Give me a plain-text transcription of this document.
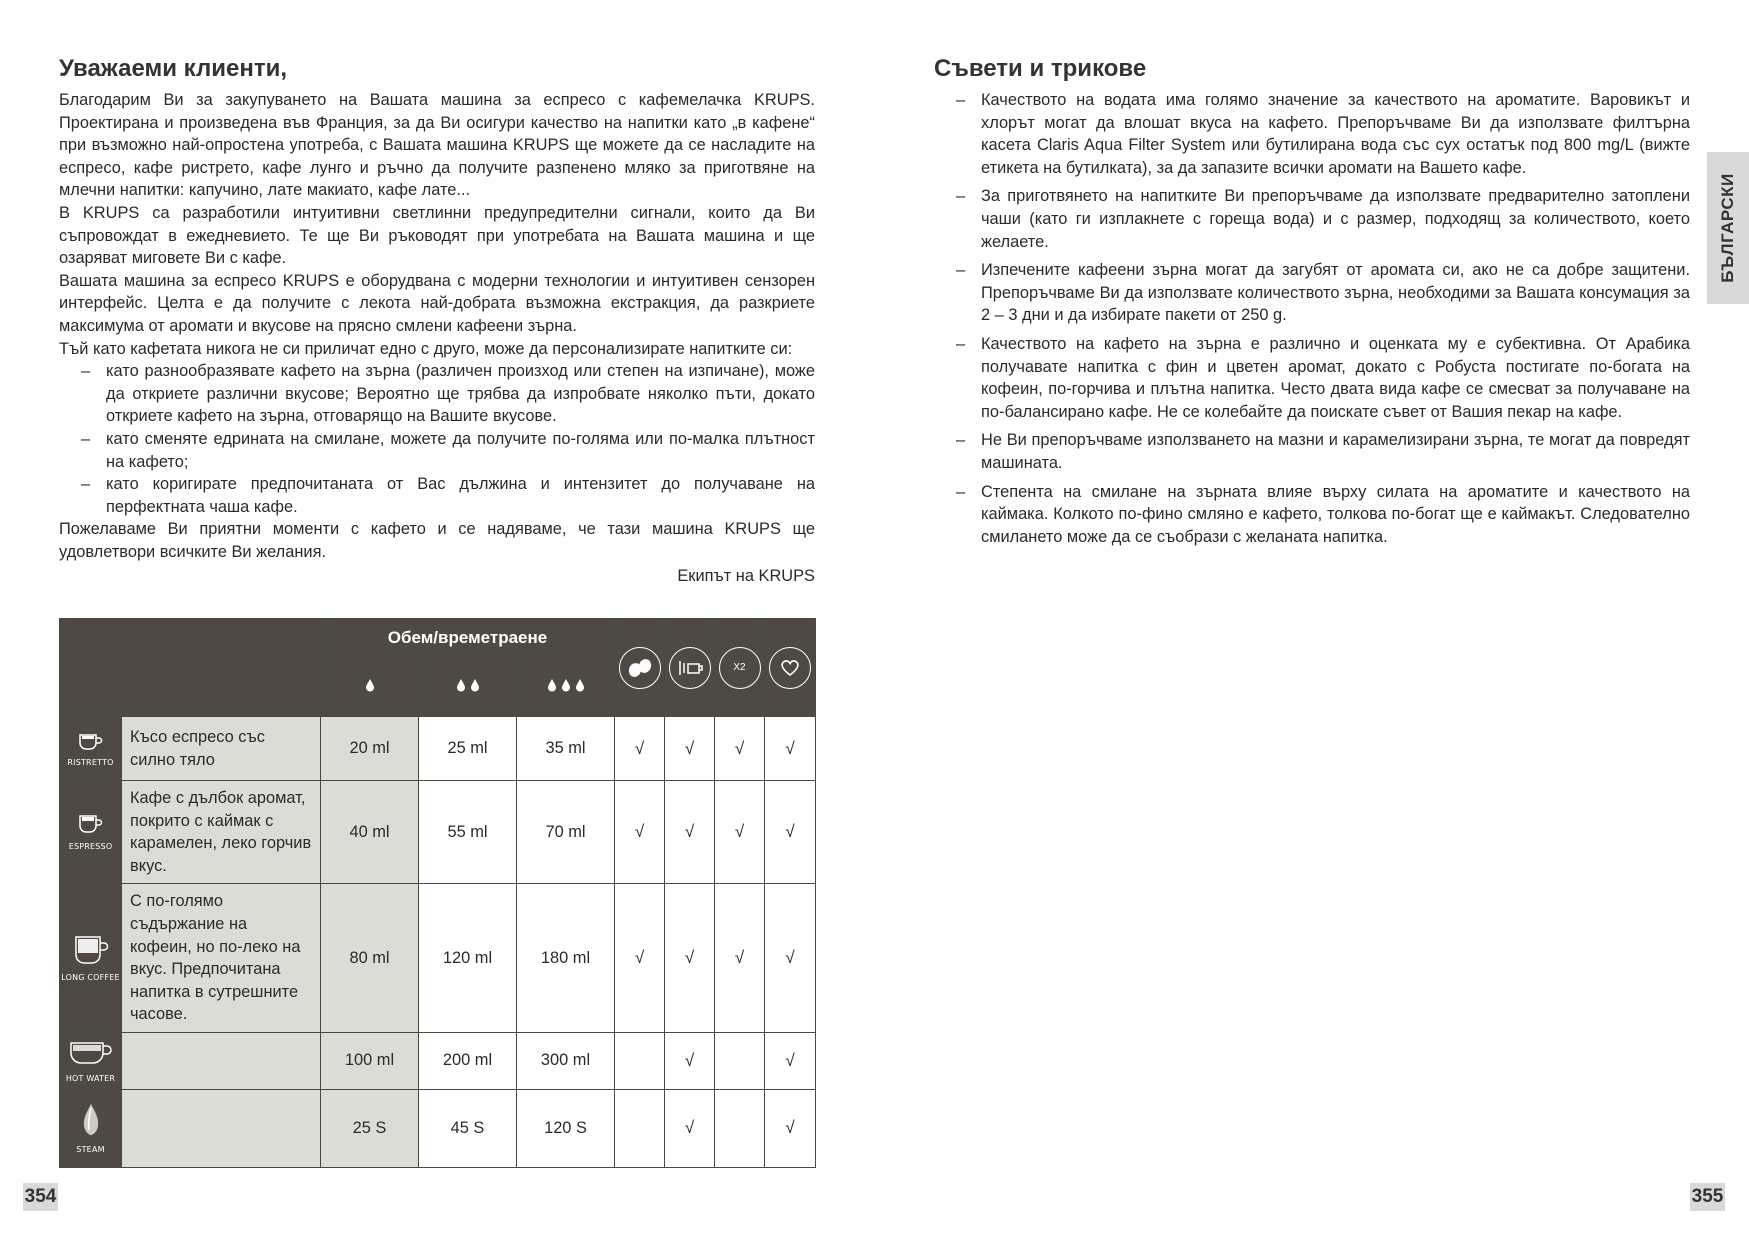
Уважаеми клиенти,

Благодарим Ви за закупуването на Вашата машина за еспресо с кафемелачка KRUPS. Проектирана и произведена във Франция, за да Ви осигури качество на напитки като „в кафене“ при възможно най-опростена употреба, с Вашата машина KRUPS ще можете да се насладите на еспресо, кафе ристрето, кафе лунго и ръчно да получите разпенено мляко за приготвяне на млечни напитки: капучино, лате макиато, кафе лате...

В KRUPS са разработили интуитивни светлинни предупредителни сигнали, които да Ви съпровождат в ежедневието. Те ще Ви ръководят при употребата на Вашата машина и ще озаряват миговете Ви с кафе.

Вашата машина за еспресо KRUPS е оборудвана с модерни технологии и интуитивен сензорен интерфейс. Целта е да получите с лекота най-добрата възможна екстракция, да разкриете максимума от аромати и вкусове на прясно смлени кафеени зърна.

Тъй като кафетата никога не си приличат едно с друго, може да персонализирате напитките си:

– като разнообразявате кафето на зърна (различен произход или степен на изпичане), може да откриете различни вкусове; Вероятно ще трябва да изпробвате няколко пъти, докато откриете кафето на зърна, отговарящо на Вашите вкусове.
– като сменяте едрината на смилане, можете да получите по-голяма или по-малка плътност на кафето;
– като коригирате предпочитаната от Вас дължина и интензитет до получаване на перфектната чаша кафе.

Пожелаваме Ви приятни моменти с кафето и се надяваме, че тази машина KRUPS ще удовлетвори всичките Ви желания.

Екипът на KRUPS
		Обем/времетраене					X2

RISTRETTO	Късо еспресо със силно тяло	20 ml	25 ml	35 ml	√	√	√	√

ESPRESSO	Кафе с дълбок аромат, покрито с каймак с карамелен, леко горчив вкус.	40 ml	55 ml	70 ml	√	√	√	√

LONG COFFEE	С по-голямо съдържание на кофеин, но по-леко на вкус. Предпочитана напитка в сутрешните часове.	80 ml	120 ml	180 ml	√	√	√	√

HOT WATER		100 ml	200 ml	300 ml		√		√

STEAM		25 S	45 S	120 S		√		√
Съвети и трикове
– Качеството на водата има голямо значение за качеството на ароматите. Варовикът и хлорът могат да влошат вкуса на кафето. Препоръчваме Ви да използвате филтърна касета Claris Aqua Filter System или бутилирана вода със сух остатък под 800 mg/L (вижте етикета на бутилката), за да запазите всички аромати на Вашето кафе.
– За приготвянето на напитките Ви препоръчваме да използвате предварително затоплени чаши (като ги изплакнете с гореща вода) и с размер, подходящ за количеството, което желаете.
– Изпечените кафеени зърна могат да загубят от аромата си, ако не са добре защитени. Препоръчваме Ви да използвате количеството зърна, необходими за Вашата консумация за 2 – 3 дни и да избирате пакети от 250 g.
– Качеството на кафето на зърна е различно и оценката му е субективна. От Арабика получавате напитка с фин и цветен аромат, докато с Робуста постигате по-богата на кофеин, по-горчива и плътна напитка. Често двата вида кафе се смесват за получаване на по-балансирано кафе. Не се колебайте да поискате съвет от Вашия пекар на кафе.
– Не Ви препоръчваме използването на мазни и карамелизирани зърна, те могат да повредят машината.
– Степента на смилане на зърната влияе върху силата на ароматите и качеството на каймака. Колкото по-фино смляно е кафето, толкова по-богат ще е каймакът. Следователно смилането може да се съобрази с желаната напитка.
БЪЛГАРСКИ
354	355
